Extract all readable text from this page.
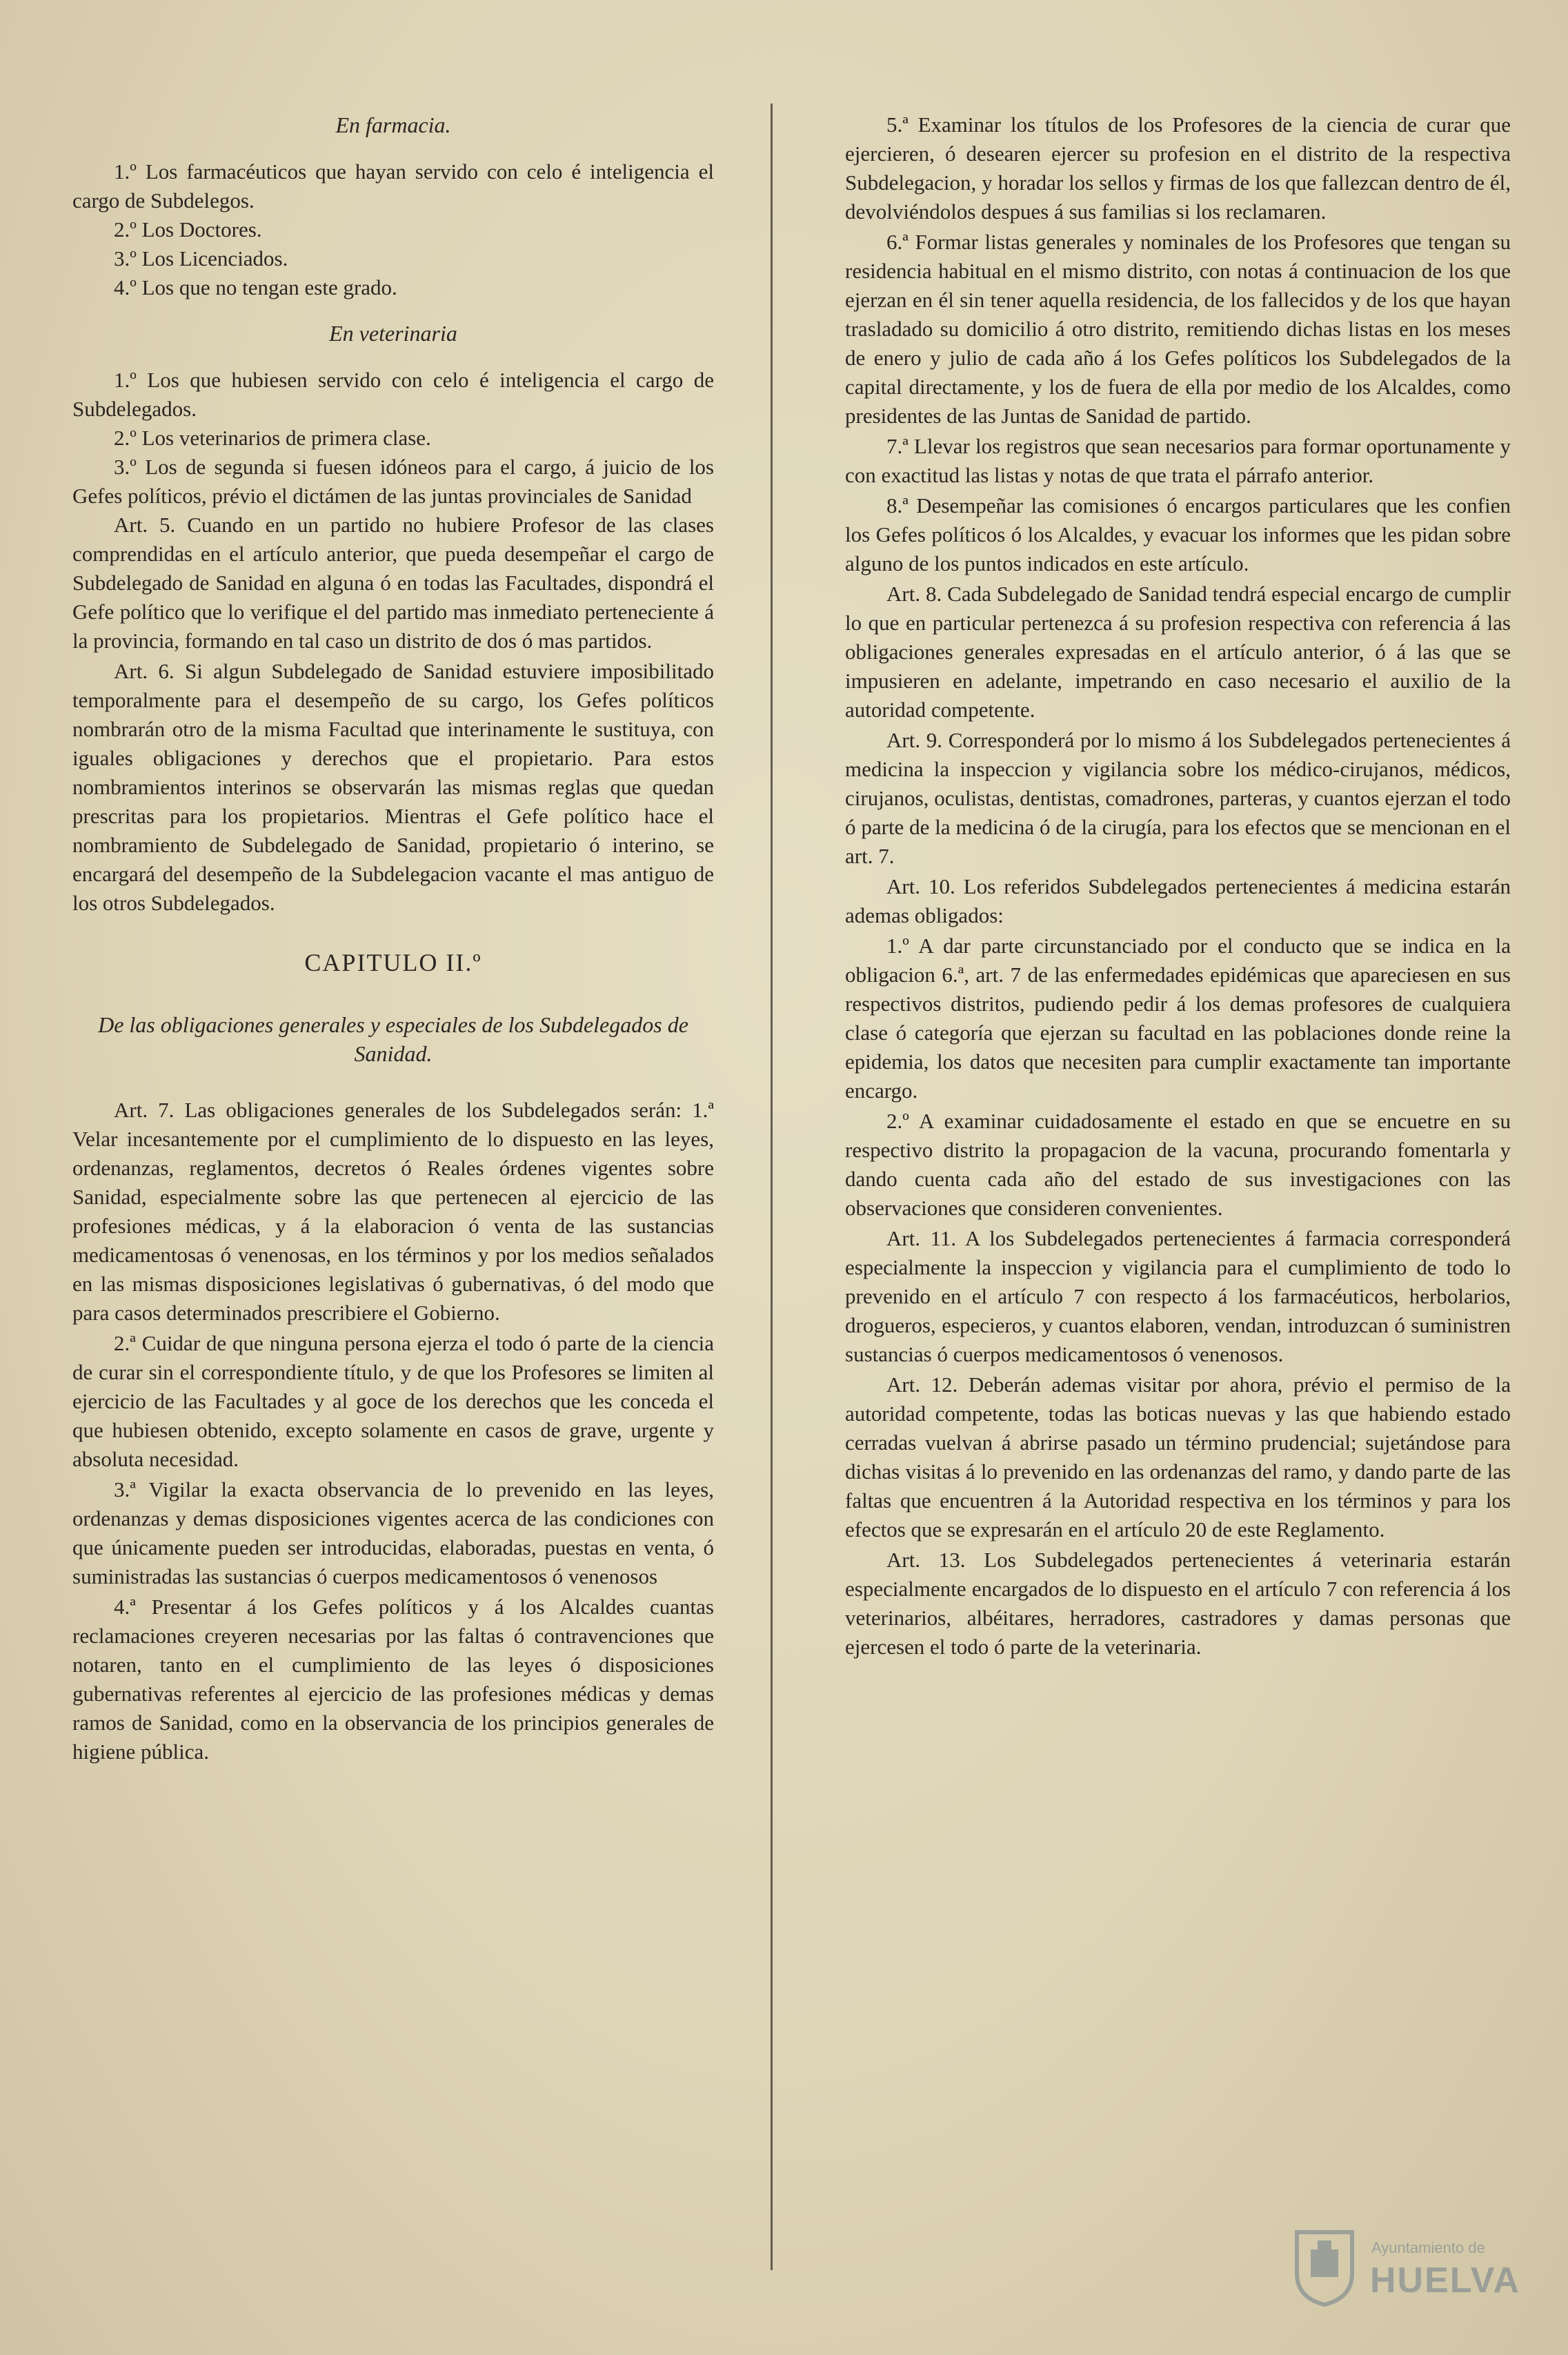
En farmacia.
1.º Los farmacéuticos que hayan servido con celo é inteligencia el cargo de Subdelegos.
2.º Los Doctores.
3.º Los Licenciados.
4.º Los que no tengan este grado.
En veterinaria
1.º Los que hubiesen servido con celo é inteligencia el cargo de Subdelegados.
2.º Los veterinarios de primera clase.
3.º Los de segunda si fuesen idóneos para el cargo, á juicio de los Gefes políticos, prévio el dictámen de las juntas provinciales de Sanidad
Art. 5. Cuando en un partido no hubiere Profesor de las clases comprendidas en el artículo anterior, que pueda desempeñar el cargo de Subdelegado de Sanidad en alguna ó en todas las Facultades, dispondrá el Gefe político que lo verifique el del partido mas inmediato perteneciente á la provincia, formando en tal caso un distrito de dos ó mas partidos.
Art. 6. Si algun Subdelegado de Sanidad estuviere imposibilitado temporalmente para el desempeño de su cargo, los Gefes políticos nombrarán otro de la misma Facultad que interinamente le sustituya, con iguales obligaciones y derechos que el propietario. Para estos nombramientos interinos se observarán las mismas reglas que quedan prescritas para los propietarios. Mientras el Gefe político hace el nombramiento de Subdelegado de Sanidad, propietario ó interino, se encargará del desempeño de la Subdelegacion vacante el mas antiguo de los otros Subdelegados.
CAPITULO II.º
De las obligaciones generales y especiales de los Subdelegados de Sanidad.
Art. 7. Las obligaciones generales de los Subdelegados serán: 1.ª Velar incesantemente por el cumplimiento de lo dispuesto en las leyes, ordenanzas, reglamentos, decretos ó Reales órdenes vigentes sobre Sanidad, especialmente sobre las que pertenecen al ejercicio de las profesiones médicas, y á la elaboracion ó venta de las sustancias medicamentosas ó venenosas, en los términos y por los medios señalados en las mismas disposiciones legislativas ó gubernativas, ó del modo que para casos determinados prescribiere el Gobierno.
2.ª Cuidar de que ninguna persona ejerza el todo ó parte de la ciencia de curar sin el correspondiente título, y de que los Profesores se limiten al ejercicio de las Facultades y al goce de los derechos que les conceda el que hubiesen obtenido, excepto solamente en casos de grave, urgente y absoluta necesidad.
3.ª Vigilar la exacta observancia de lo prevenido en las leyes, ordenanzas y demas disposiciones vigentes acerca de las condiciones con que únicamente pueden ser introducidas, elaboradas, puestas en venta, ó suministradas las sustancias ó cuerpos medicamentosos ó venenosos
4.ª Presentar á los Gefes políticos y á los Alcaldes cuantas reclamaciones creyeren necesarias por las faltas ó contravenciones que notaren, tanto en el cumplimiento de las leyes ó disposiciones gubernativas referentes al ejercicio de las profesiones médicas y demas ramos de Sanidad, como en la observancia de los principios generales de higiene pública.
5.ª Examinar los títulos de los Profesores de la ciencia de curar que ejercieren, ó desearen ejercer su profesion en el distrito de la respectiva Subdelegacion, y horadar los sellos y firmas de los que fallezcan dentro de él, devolviéndolos despues á sus familias si los reclamaren.
6.ª Formar listas generales y nominales de los Profesores que tengan su residencia habitual en el mismo distrito, con notas á continuacion de los que ejerzan en él sin tener aquella residencia, de los fallecidos y de los que hayan trasladado su domicilio á otro distrito, remitiendo dichas listas en los meses de enero y julio de cada año á los Gefes políticos los Subdelegados de la capital directamente, y los de fuera de ella por medio de los Alcaldes, como presidentes de las Juntas de Sanidad de partido.
7.ª Llevar los registros que sean necesarios para formar oportunamente y con exactitud las listas y notas de que trata el párrafo anterior.
8.ª Desempeñar las comisiones ó encargos particulares que les confien los Gefes políticos ó los Alcaldes, y evacuar los informes que les pidan sobre alguno de los puntos indicados en este artículo.
Art. 8. Cada Subdelegado de Sanidad tendrá especial encargo de cumplir lo que en particular pertenezca á su profesion respectiva con referencia á las obligaciones generales expresadas en el artículo anterior, ó á las que se impusieren en adelante, impetrando en caso necesario el auxilio de la autoridad competente.
Art. 9. Corresponderá por lo mismo á los Subdelegados pertenecientes á medicina la inspeccion y vigilancia sobre los médico-cirujanos, médicos, cirujanos, oculistas, dentistas, comadrones, parteras, y cuantos ejerzan el todo ó parte de la medicina ó de la cirugía, para los efectos que se mencionan en el art. 7.
Art. 10. Los referidos Subdelegados pertenecientes á medicina estarán ademas obligados:
1.º A dar parte circunstanciado por el conducto que se indica en la obligacion 6.ª, art. 7 de las enfermedades epidémicas que apareciesen en sus respectivos distritos, pudiendo pedir á los demas profesores de cualquiera clase ó categoría que ejerzan su facultad en las poblaciones donde reine la epidemia, los datos que necesiten para cumplir exactamente tan importante encargo.
2.º A examinar cuidadosamente el estado en que se encuetre en su respectivo distrito la propagacion de la vacuna, procurando fomentarla y dando cuenta cada año del estado de sus investigaciones con las observaciones que consideren convenientes.
Art. 11. A los Subdelegados pertenecientes á farmacia corresponderá especialmente la inspeccion y vigilancia para el cumplimiento de todo lo prevenido en el artículo 7 con respecto á los farmacéuticos, herbolarios, drogueros, especieros, y cuantos elaboren, vendan, introduzcan ó suministren sustancias ó cuerpos medicamentosos ó venenosos.
Art. 12. Deberán ademas visitar por ahora, prévio el permiso de la autoridad competente, todas las boticas nuevas y las que habiendo estado cerradas vuelvan á abrirse pasado un término prudencial; sujetándose para dichas visitas á lo prevenido en las ordenanzas del ramo, y dando parte de las faltas que encuentren á la Autoridad respectiva en los términos y para los efectos que se expresarán en el artículo 20 de este Reglamento.
Art. 13. Los Subdelegados pertenecientes á veterinaria estarán especialmente encargados de lo dispuesto en el artículo 7 con referencia á los veterinarios, albéitares, herradores, castradores y damas personas que ejercesen el todo ó parte de la veterinaria.
Ayuntamiento de
HUELVA
